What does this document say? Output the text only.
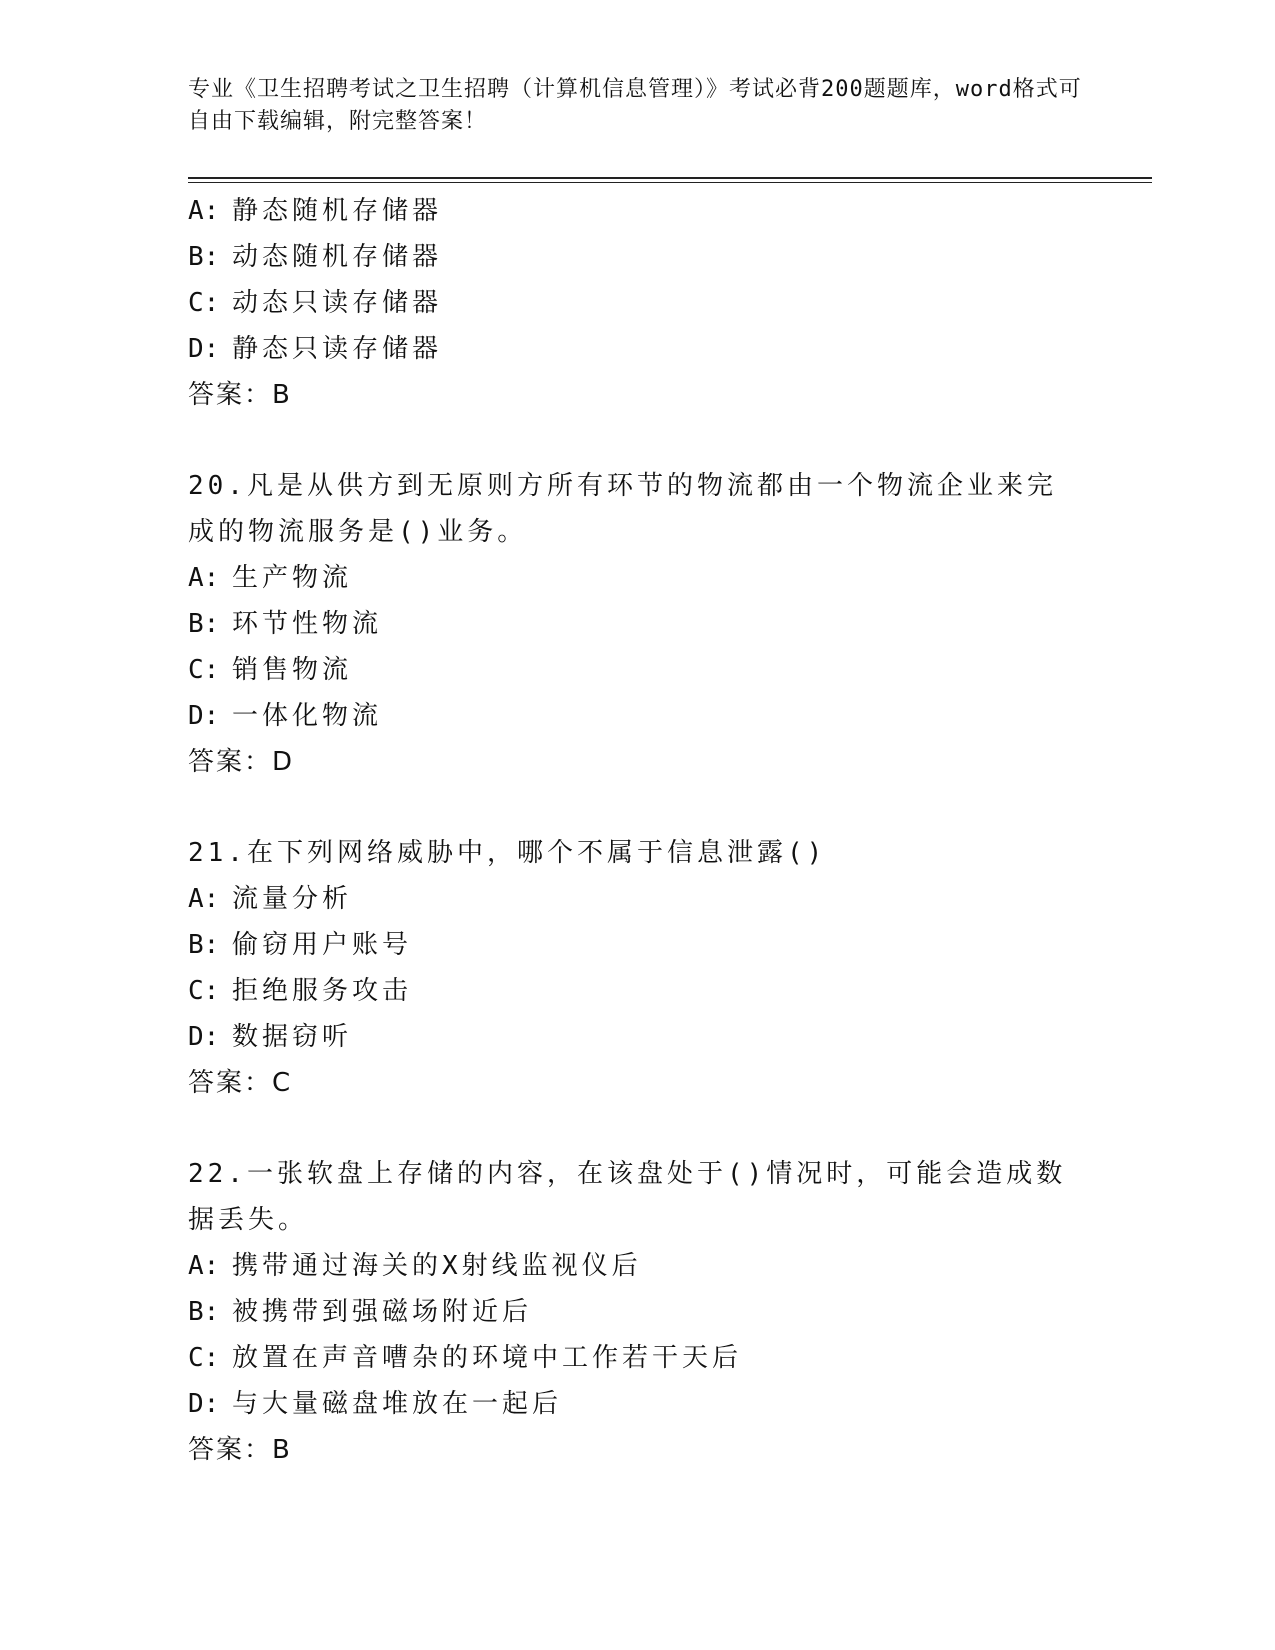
专业《卫生招聘考试之卫生招聘（计算机信息管理）》考试必背200题题库，word格式可自由下载编辑，附完整答案！
A: 静态随机存储器
B: 动态随机存储器
C: 动态只读存储器
D: 静态只读存储器
答案：B
20.凡是从供方到无原则方所有环节的物流都由一个物流企业来完成的物流服务是()业务。
A: 生产物流
B: 环节性物流
C: 销售物流
D: 一体化物流
答案：D
21.在下列网络威胁中，哪个不属于信息泄露()
A: 流量分析
B: 偷窃用户账号
C: 拒绝服务攻击
D: 数据窃听
答案：C
22.一张软盘上存储的内容，在该盘处于()情况时，可能会造成数据丢失。
A: 携带通过海关的X射线监视仪后
B: 被携带到强磁场附近后
C: 放置在声音嘈杂的环境中工作若干天后
D: 与大量磁盘堆放在一起后
答案：B
